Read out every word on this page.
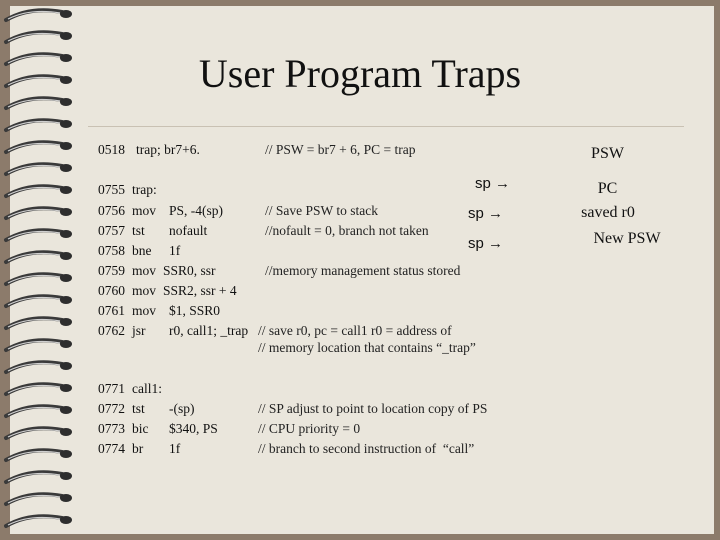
User Program Traps
0518 trap; br7+6.	// PSW = br7 + 6, PC = trap
0755 trap:
0756 mov PS, -4(sp)	// Save PSW to stack
0757 tst nofault	//nofault = 0, branch not taken
0758 bne 1f
0759 mov SSR0, ssr	//memory management status stored
0760 mov SSR2, ssr + 4
0761 mov $1, SSR0
0762 jsr r0, call1; _trap // save r0, pc = call1 r0 = address of
// memory location that contains “_trap”
0771 call1:
0772 tst -(sp)	// SP adjust to point to location copy of PS
0773 bic $340, PS	// CPU priority = 0
0774 br 1f	// branch to second instruction of  “call”
sp →
sp →
sp →
PSW
PC
saved r0
New PSW
